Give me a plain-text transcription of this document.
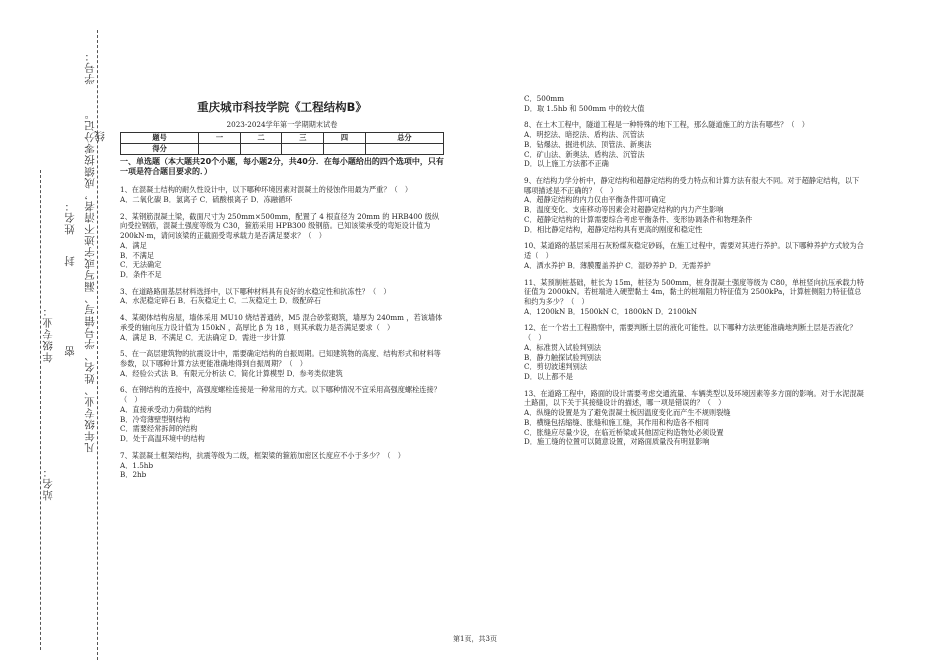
学号：
凡年级专业、姓名、学号错写、漏写或字迹不清者，成绩按零分记。
姓名：
年级专业： 密
封
线
站名：
重庆城市科技学院《工程结构B》
2023-2024学年第一学期期末试卷
题号	一	二	三	四	总分
得分					
一、单选题（本大题共20个小题，每小题2分，共40分．在每小题给出的四个选项中，只有一项是符合题目要求的．）

1、在混凝土结构的耐久性设计中，以下哪种环境因素对混凝土的侵蚀作用最为严重？（　）

A．二氧化碳 B．氯离子 C．硫酸根离子 D．冻融循环

2、某钢筋混凝土梁，截面尺寸为 250mm×500mm，配置了 4 根直径为 20mm 的 HRB400 级纵向受拉钢筋，混凝土强度等级为 C30，箍筋采用 HPB300 级钢筋。已知该梁承受的弯矩设计值为 200kN·m，请问该梁的正截面受弯承载力是否满足要求？（　）

A．满足

B．不满足

C．无法确定

D．条件不足

3、在道路路面基层材料选择中，以下哪种材料具有良好的水稳定性和抗冻性？（　）

A．水泥稳定碎石 B．石灰稳定土 C．二灰稳定土 D．级配碎石

4、某砌体结构房屋，墙体采用 MU10 烧结普通砖，M5 混合砂浆砌筑，墙厚为 240mm ，若该墙体承受的轴向压力设计值为 150kN ，高厚比 β 为 18 ，则其承载力是否满足要求（　）

A．满足 B．不满足 C．无法确定 D．需进一步计算

5、在一高层建筑物的抗震设计中，需要确定结构的自振周期。已知建筑物的高度、结构形式和材料等参数，以下哪种计算方法更能准确地得到自振周期？（　）

A．经验公式法 B．有限元分析法 C．简化计算模型 D．参考类似建筑

6、在钢结构的连接中，高强度螺栓连接是一种常用的方式。以下哪种情况不宜采用高强度螺栓连接？（　）

A．直接承受动力荷载的结构

B．冷弯薄壁型钢结构

C．需要经常拆卸的结构

D．处于高温环境中的结构

7、某混凝土框架结构，抗震等级为二级，框架梁的箍筋加密区长度应不小于多少？（　）

A．1.5hb

B．2hb

C．500mm

D．取 1.5hb 和 500mm 中的较大值

8、在土木工程中，隧道工程是一种特殊的地下工程，那么隧道施工的方法有哪些？（　）

A．明挖法、暗挖法、盾构法、沉管法

B．钻爆法、掘进机法、顶管法、新奥法

C．矿山法、新奥法、盾构法、沉管法

D．以上施工方法都不正确

9、在结构力学分析中，静定结构和超静定结构的受力特点和计算方法有很大不同。对于超静定结构，以下哪项描述是不正确的？（　）

A．超静定结构的内力仅由平衡条件即可确定

B．温度变化、支座移动等因素会对超静定结构的内力产生影响

C．超静定结构的计算需要综合考虑平衡条件、变形协调条件和物理条件

D．相比静定结构，超静定结构具有更高的刚度和稳定性

10、某道路的基层采用石灰粉煤灰稳定砂砾，在施工过程中，需要对其进行养护。以下哪种养护方式较为合适（　）

A．洒水养护 B．薄膜覆盖养护 C．湿砂养护 D．无需养护

11、某预制桩基础，桩长为 15m，桩径为 500mm，桩身混凝土强度等级为 C80，单桩竖向抗压承载力特征值为 2000kN。若桩端进入硬塑黏土 4m，黏土的桩端阻力特征值为 2500kPa，计算桩侧阻力特征值总和约为多少？（　）

A．1200kN B．1500kN C．1800kN D．2100kN

12、在一个岩土工程勘察中，需要判断土层的液化可能性。以下哪种方法更能准确地判断土层是否液化？（　）

A．标准贯入试验判别法

B．静力触探试验判别法

C．剪切波速判别法

D．以上都不是

13、在道路工程中，路面的设计需要考虑交通流量、车辆类型以及环境因素等多方面的影响。对于水泥混凝土路面，以下关于其接缝设计的描述，哪一项是错误的？（　）

A．纵缝的设置是为了避免混凝土板因温度变化而产生不规则裂缝

B．横缝包括缩缝、胀缝和施工缝，其作用和构造各不相同

C．胀缝应尽量少设，在临近桥梁或其他固定构造物处必须设置

D．施工缝的位置可以随意设置，对路面质量没有明显影响

第1页，共3页
